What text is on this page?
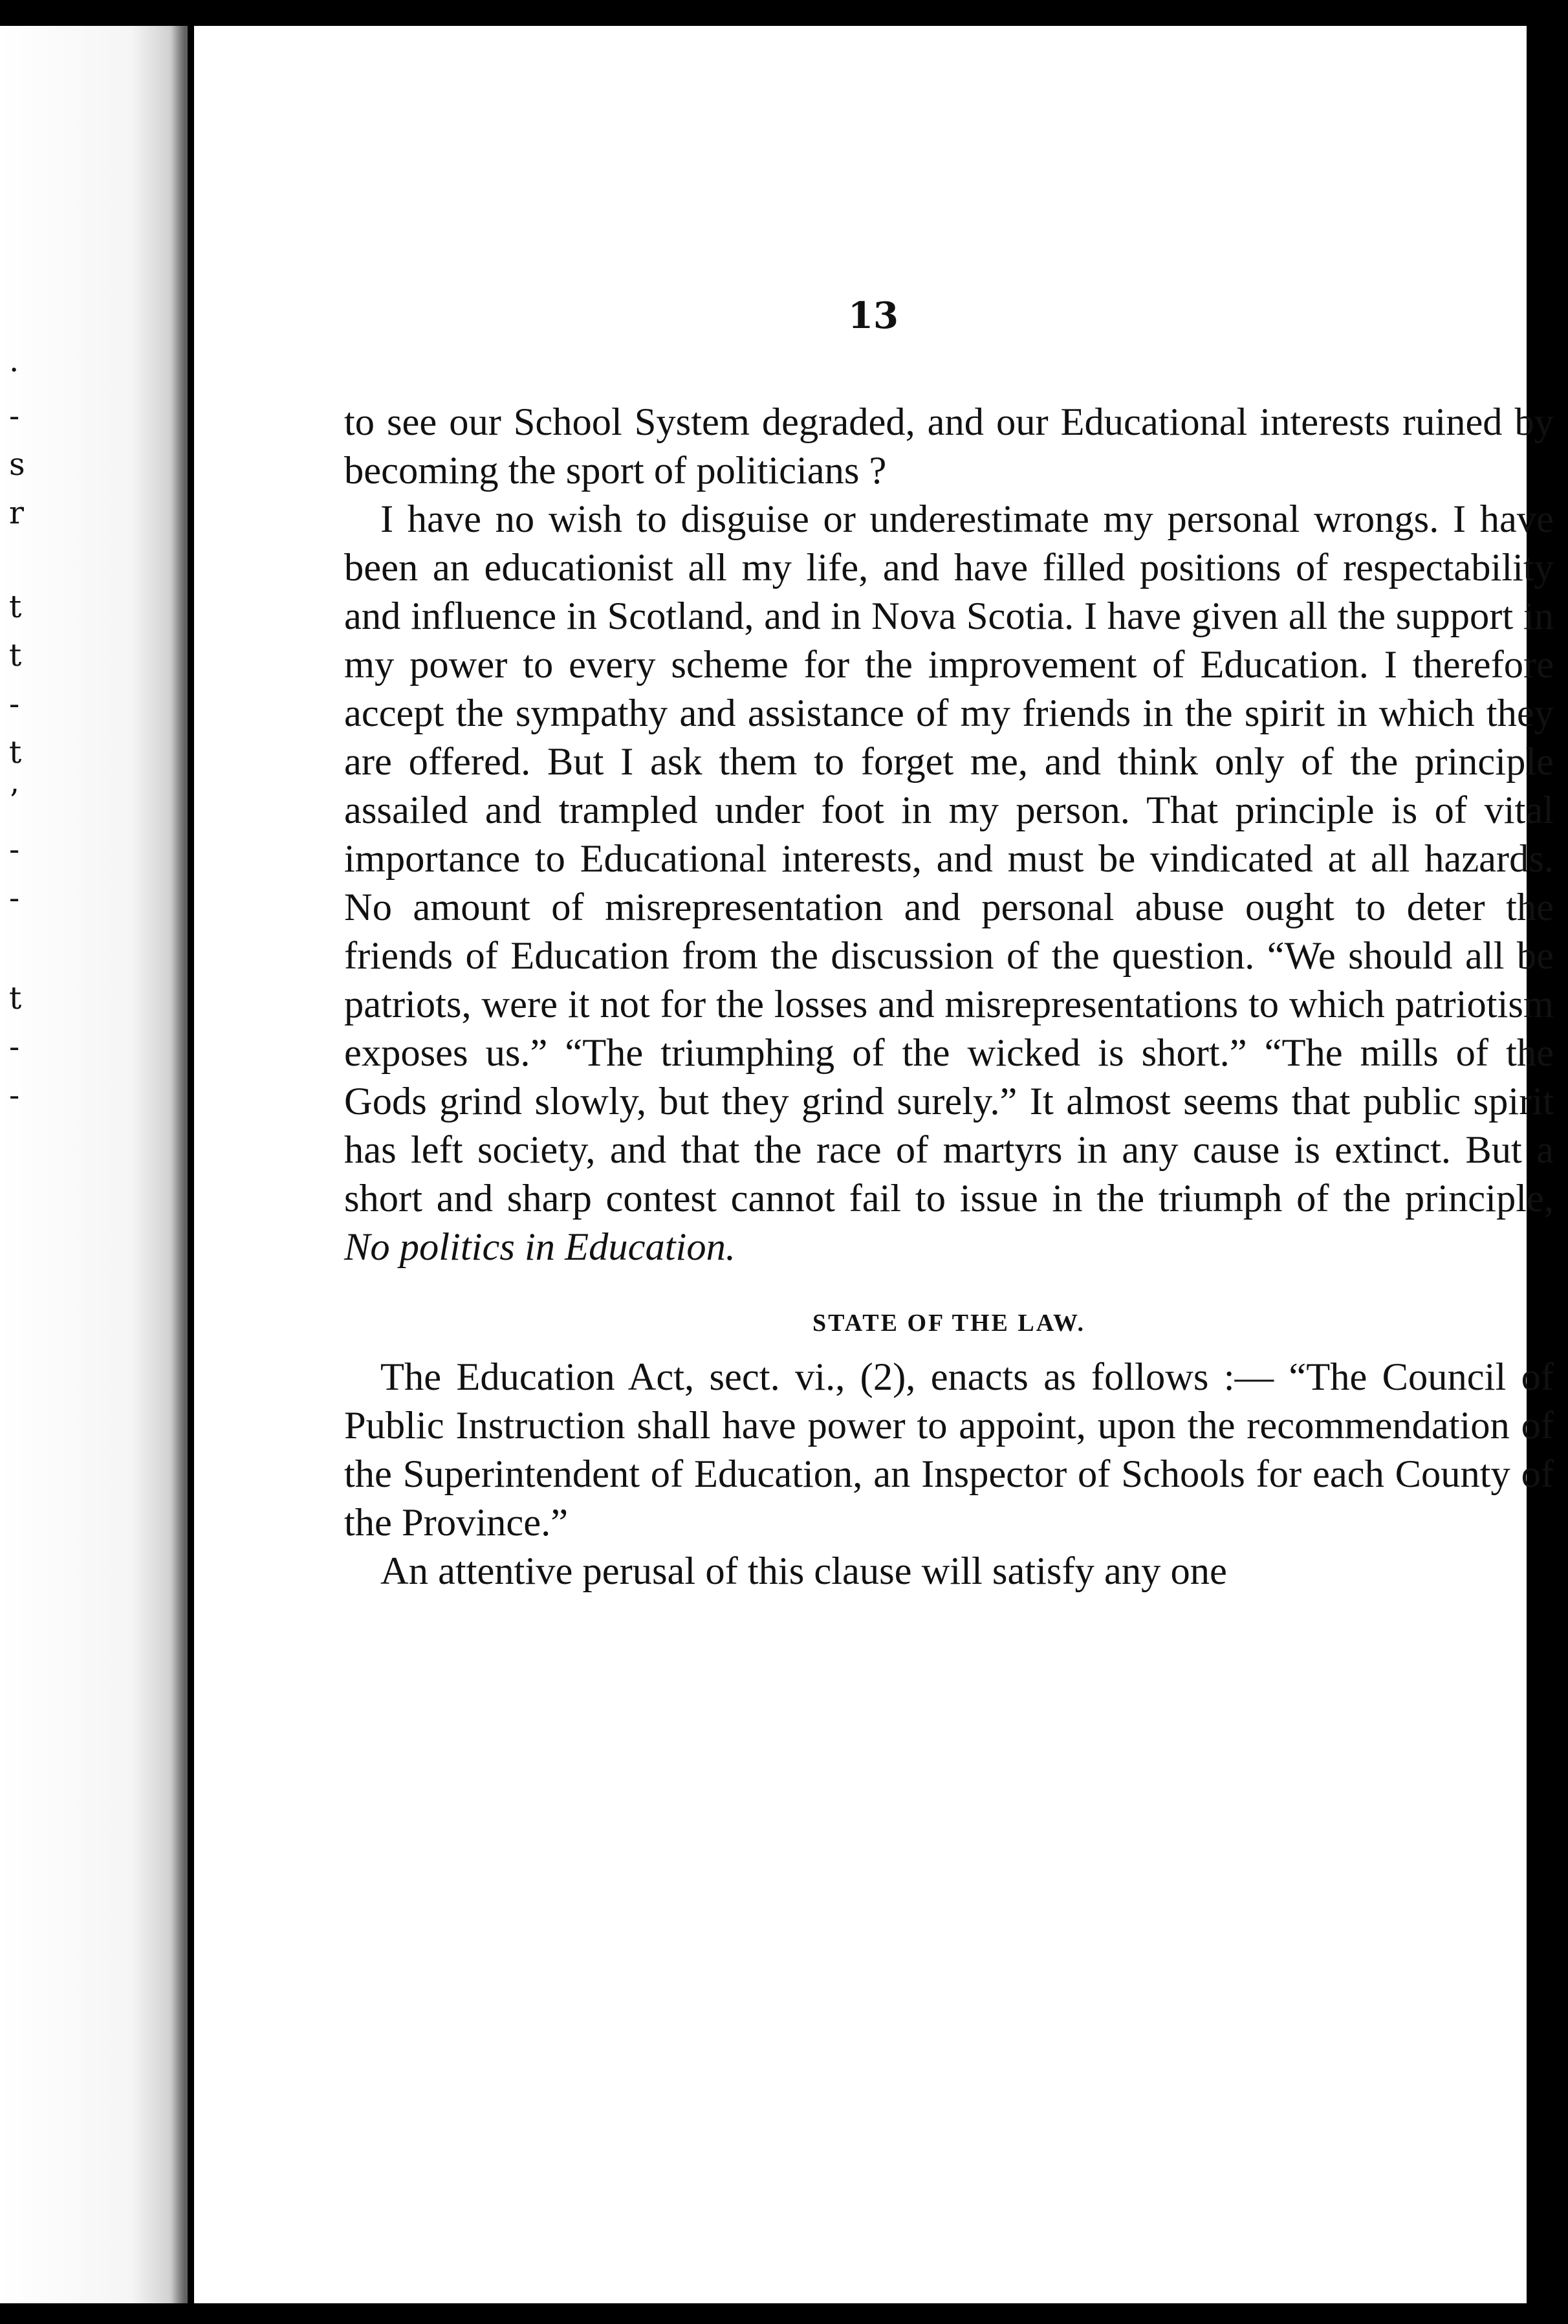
.
-
s
r
t
t
-
t
’
-
-
t
-
-
13

to see our School System degraded, and our Educational interests ruined by becoming the sport of politicians ?

I have no wish to disguise or underestimate my personal wrongs. I have been an educationist all my life, and have filled positions of respectability and influence in Scotland, and in Nova Scotia. I have given all the support in my power to every scheme for the improvement of Education. I therefore accept the sympathy and assistance of my friends in the spirit in which they are offered. But I ask them to forget me, and think only of the principle assailed and trampled under foot in my person. That principle is of vital importance to Educational interests, and must be vindicated at all hazards. No amount of misrepresentation and personal abuse ought to deter the friends of Education from the discussion of the question. “We should all be patriots, were it not for the losses and misrepresentations to which patriotism exposes us.” “The triumphing of the wicked is short.” “The mills of the Gods grind slowly, but they grind surely.” It almost seems that public spirit has left society, and that the race of martyrs in any cause is extinct. But a short and sharp contest cannot fail to issue in the triumph of the principle, No politics in Education.

STATE OF THE LAW.

The Education Act, sect. vi., (2), enacts as follows :— “The Council of Public Instruction shall have power to appoint, upon the recommendation of the Superintendent of Education, an Inspector of Schools for each County of the Province.”

An attentive perusal of this clause will satisfy any one
